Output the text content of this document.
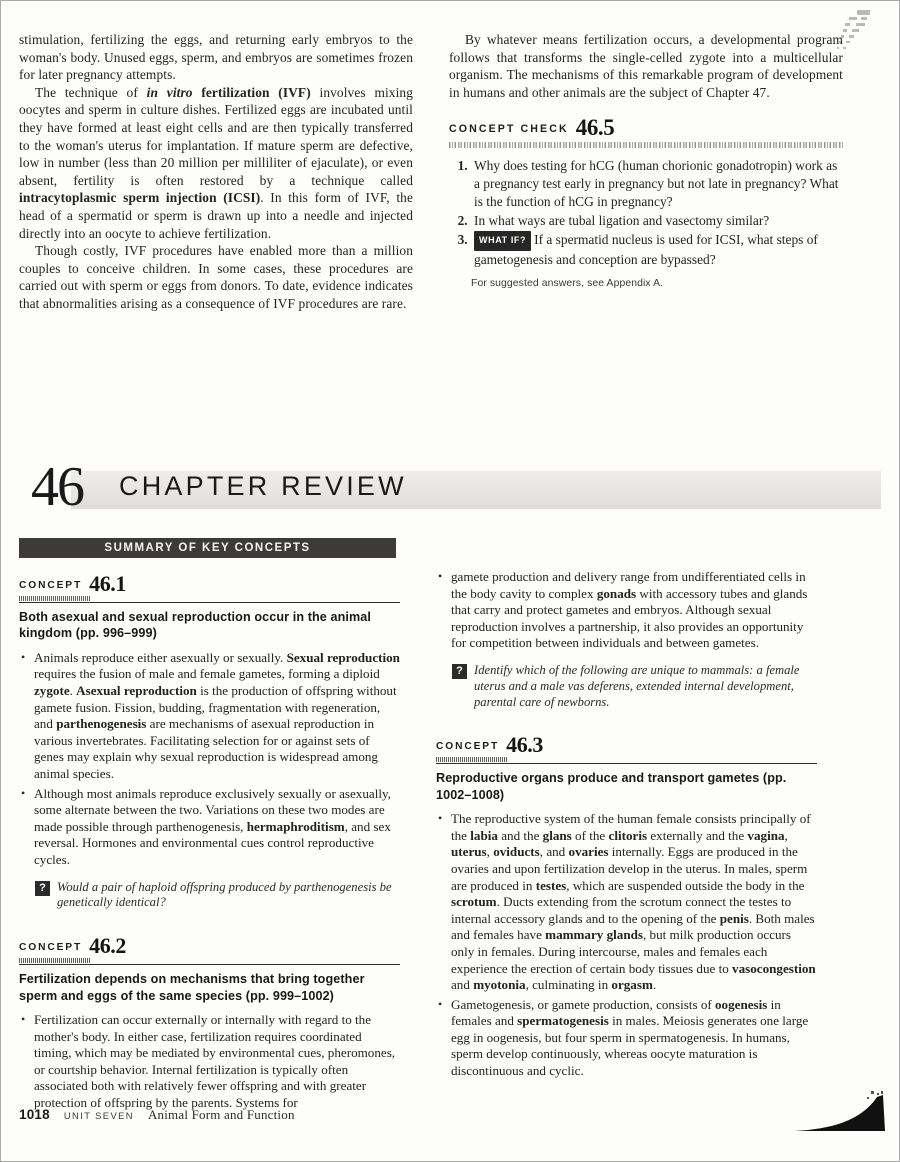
stimulation, fertilizing the eggs, and returning early embryos to the woman's body. Unused eggs, sperm, and embryos are sometimes frozen for later pregnancy attempts.

The technique of in vitro fertilization (IVF) involves mixing oocytes and sperm in culture dishes. Fertilized eggs are incubated until they have formed at least eight cells and are then typically transferred to the woman's uterus for implantation. If mature sperm are defective, low in number (less than 20 million per milliliter of ejaculate), or even absent, fertility is often restored by a technique called intracytoplasmic sperm injection (ICSI). In this form of IVF, the head of a spermatid or sperm is drawn up into a needle and injected directly into an oocyte to achieve fertilization.

Though costly, IVF procedures have enabled more than a million couples to conceive children. In some cases, these procedures are carried out with sperm or eggs from donors. To date, evidence indicates that abnormalities arising as a consequence of IVF procedures are rare.

By whatever means fertilization occurs, a developmental program follows that transforms the single-celled zygote into a multicellular organism. The mechanisms of this remarkable program of development in humans and other animals are the subject of Chapter 47.

CONCEPT CHECK 46.5
1. Why does testing for hCG (human chorionic gonadotropin) work as a pregnancy test early in pregnancy but not late in pregnancy? What is the function of hCG in pregnancy?
2. In what ways are tubal ligation and vasectomy similar?
3. WHAT IF? If a spermatid nucleus is used for ICSI, what steps of gametogenesis and conception are bypassed?
For suggested answers, see Appendix A.
46 CHAPTER REVIEW
SUMMARY OF KEY CONCEPTS
CONCEPT 46.1
Both asexual and sexual reproduction occur in the animal kingdom (pp. 996–999)
• Animals reproduce either asexually or sexually. Sexual reproduction requires the fusion of male and female gametes, forming a diploid zygote. Asexual reproduction is the production of offspring without gamete fusion. Fission, budding, fragmentation with regeneration, and parthenogenesis are mechanisms of asexual reproduction in various invertebrates. Facilitating selection for or against sets of genes may explain why sexual reproduction is widespread among animal species.
• Although most animals reproduce exclusively sexually or asexually, some alternate between the two. Variations on these two modes are made possible through parthenogenesis, hermaphroditism, and sex reversal. Hormones and environmental cues control reproductive cycles.
? Would a pair of haploid offspring produced by parthenogenesis be genetically identical?
CONCEPT 46.2
Fertilization depends on mechanisms that bring together sperm and eggs of the same species (pp. 999–1002)
• Fertilization can occur externally or internally with regard to the mother's body. In either case, fertilization requires coordinated timing, which may be mediated by environmental cues, pheromones, or courtship behavior. Internal fertilization is typically often associated both with relatively fewer offspring and with greater protection of offspring by the parents. Systems for

• gamete production and delivery range from undifferentiated cells in the body cavity to complex gonads with accessory tubes and glands that carry and protect gametes and embryos. Although sexual reproduction involves a partnership, it also provides an opportunity for competition between individuals and between gametes.
? Identify which of the following are unique to mammals: a female uterus and a male vas deferens, extended internal development, parental care of newborns.
CONCEPT 46.3
Reproductive organs produce and transport gametes (pp. 1002–1008)
• The reproductive system of the human female consists principally of the labia and the glans of the clitoris externally and the vagina, uterus, oviducts, and ovaries internally. Eggs are produced in the ovaries and upon fertilization develop in the uterus. In males, sperm are produced in testes, which are suspended outside the body in the scrotum. Ducts extending from the scrotum connect the testes to internal accessory glands and to the opening of the penis. Both males and females have mammary glands, but milk production occurs only in females. During intercourse, males and females each experience the erection of certain body tissues due to vasocongestion and myotonia, culminating in orgasm.
• Gametogenesis, or gamete production, consists of oogenesis in females and spermatogenesis in males. Meiosis generates one large egg in oogenesis, but four sperm in spermatogenesis. In humans, sperm develop continuously, whereas oocyte maturation is discontinuous and cyclic.
1018 UNIT SEVEN Animal Form and Function
